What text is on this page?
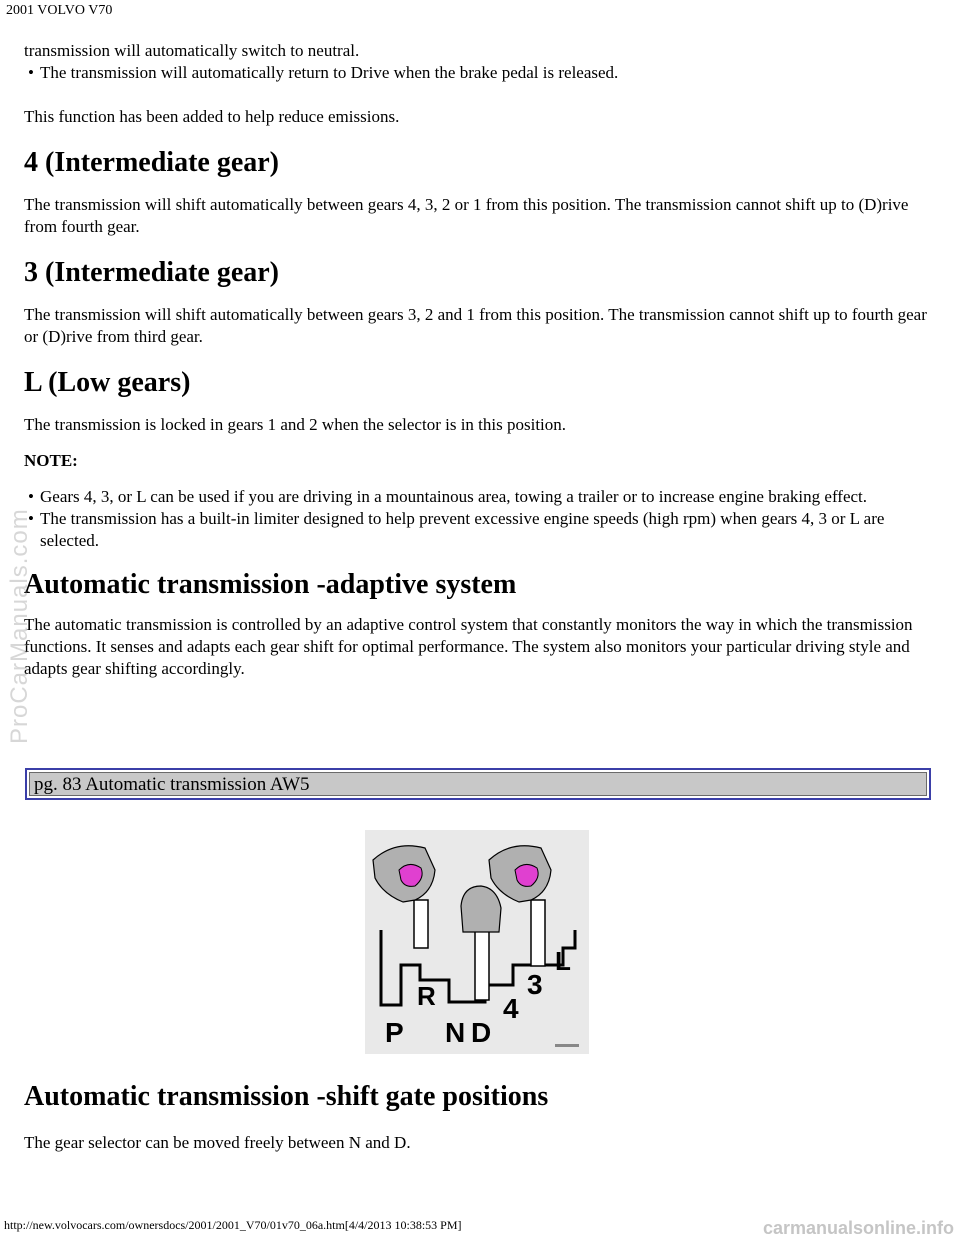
2001 VOLVO V70

transmission will automatically switch to neutral.

• The transmission will automatically return to Drive when the brake pedal is released.

This function has been added to help reduce emissions.

4 (Intermediate gear)

The transmission will shift automatically between gears 4, 3, 2 or 1 from this position. The transmission cannot shift up to (D)rive from fourth gear.

3 (Intermediate gear)

The transmission will shift automatically between gears 3, 2 and 1 from this position. The transmission cannot shift up to fourth gear or (D)rive from third gear.

L (Low gears)

The transmission is locked in gears 1 and 2 when the selector is in this position.

NOTE:

• Gears 4, 3, or L can be used if you are driving in a mountainous area, towing a trailer or to increase engine braking effect.

• The transmission has a built-in limiter designed to help prevent excessive engine speeds (high rpm) when gears 4, 3 or L are selected.

Automatic transmission -adaptive system

The automatic transmission is controlled by an adaptive control system that constantly monitors the way in which the transmission functions. It senses and adapts each gear shift for optimal performance. The system also monitors your particular driving style and adapts gear shifting accordingly.

pg. 83 Automatic transmission AW5
R
P N D
4
3
L
Automatic transmission -shift gate positions

The gear selector can be moved freely between N and D.

http://new.volvocars.com/ownersdocs/2001/2001_V70/01v70_06a.htm[4/4/2013 10:38:53 PM]
ProCarManuals.com
carmanualsonline.info
